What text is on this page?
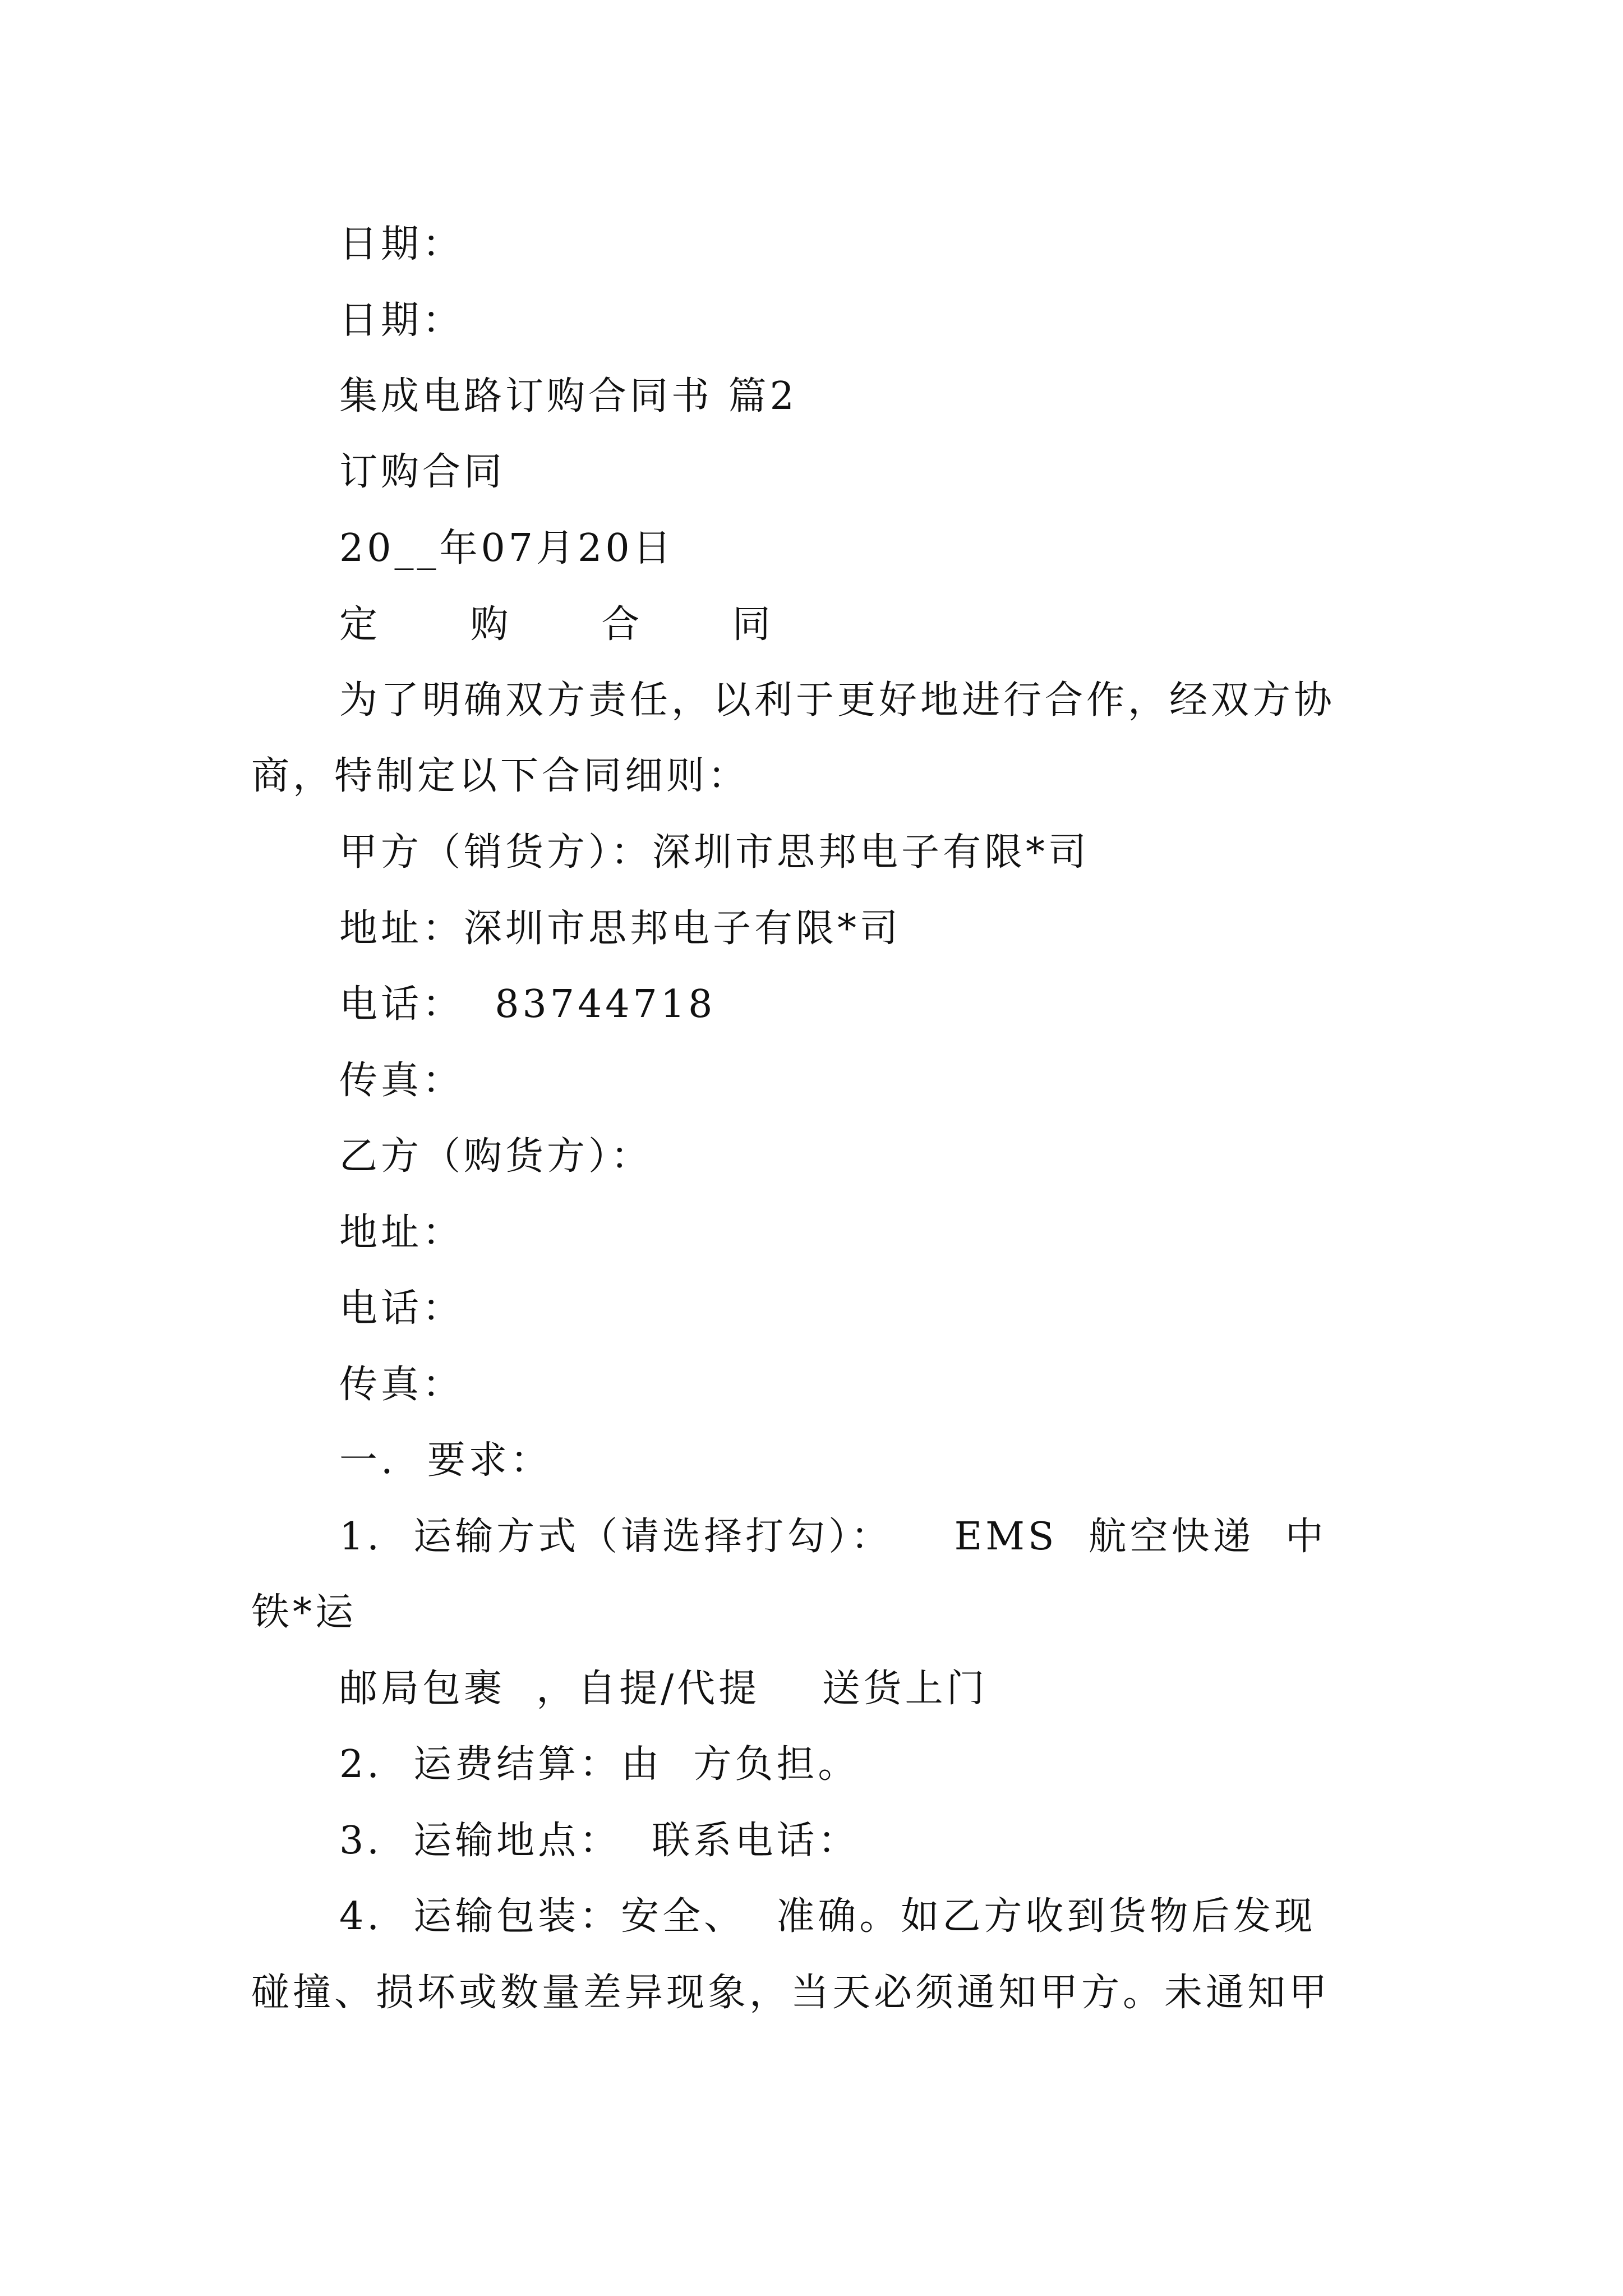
日期：
日期：
集成电路订购合同书 篇2
订购合同
20__年07月20日
定 购 合 同
为了明确双方责任，以利于更好地进行合作，经双方协
商，特制定以下合同细则：
甲方（销货方）：深圳市思邦电子有限*司
地址：深圳市思邦电子有限*司
电话：  83744718
传真：
乙方（购货方）：
地址：
电话：
传真：
一.  要求：
1.  运输方式（请选择打勾）：    EMS  航空快递  中
铁*运
邮局包裹  ，自提/代提    送货上门
2.  运费结算：由  方负担。
3.  运输地点：  联系电话：
4.  运输包装：安全、  准确。如乙方收到货物后发现
碰撞、损坏或数量差异现象，当天必须通知甲方。未通知甲
